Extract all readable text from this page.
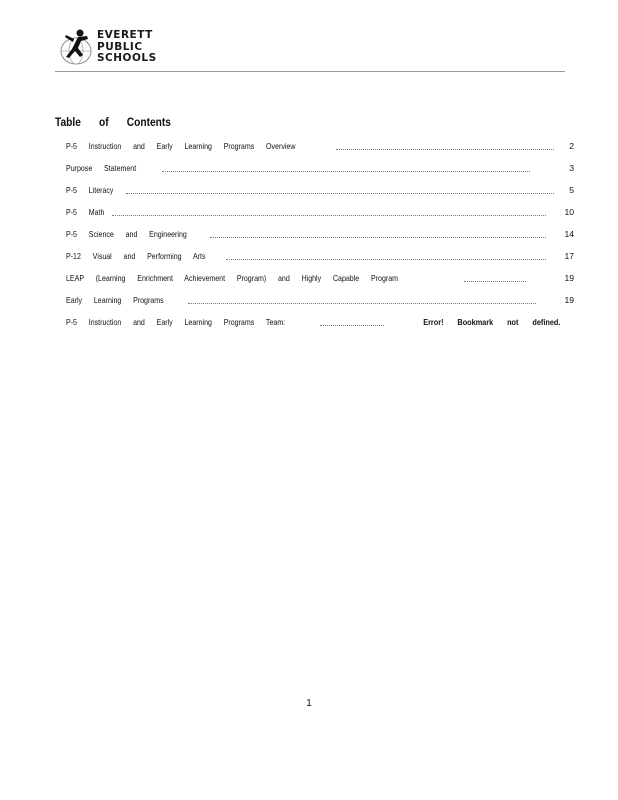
EVERETT
PUBLIC
SCHOOLS
Table of Contents
P-5 Instruction and Early Learning Programs Overview	2
Purpose Statement	3
P-5 Literacy	5
P-5 Math	10
P-5 Science and Engineering	14
P-12 Visual and Performing Arts	17
LEAP (Learning Enrichment Achievement Program) and Highly Capable Program	19
Early Learning Programs	19
P-5 Instruction and Early Learning Programs Team:	Error! Bookmark not defined.
1
